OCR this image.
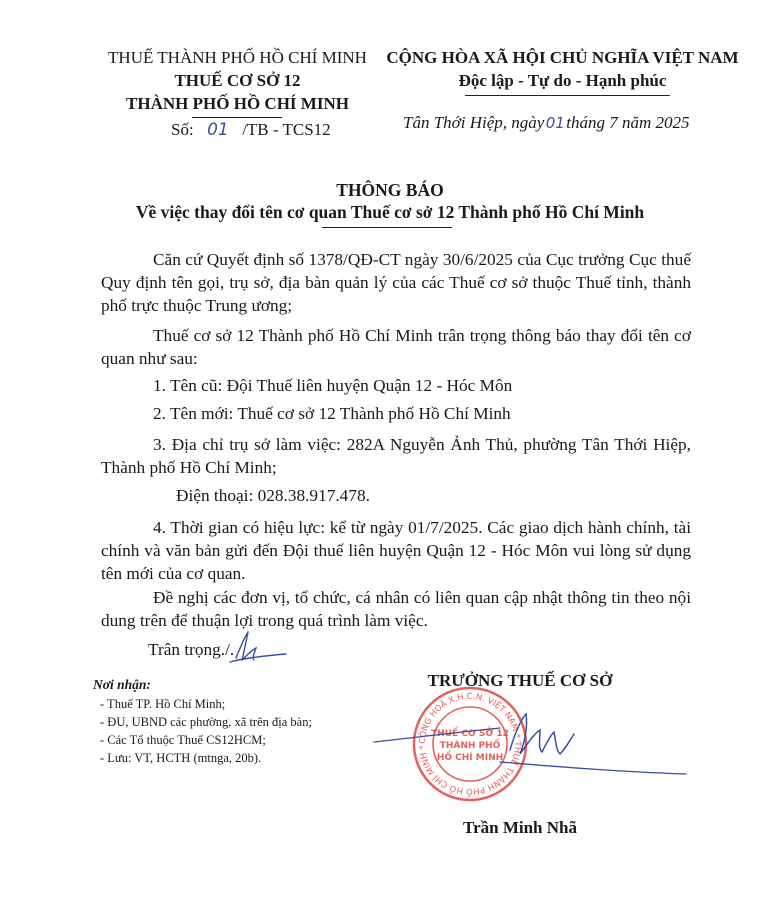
THUẾ THÀNH PHỐ HỒ CHÍ MINH
THUẾ CƠ SỞ 12
THÀNH PHỐ HỒ CHÍ MINH
Số: 01 /TB - TCS12
CỘNG HÒA XÃ HỘI CHỦ NGHĨA VIỆT NAM
Độc lập - Tự do - Hạnh phúc
Tân Thới Hiệp, ngày01tháng 7 năm 2025
THÔNG BÁO
Về việc thay đổi tên cơ quan Thuế cơ sở 12 Thành phố Hồ Chí Minh
Căn cứ Quyết định số 1378/QĐ-CT ngày 30/6/2025 của Cục trưởng Cục thuế Quy định tên gọi, trụ sở, địa bàn quản lý của các Thuế cơ sở thuộc Thuế tỉnh, thành phố trực thuộc Trung ương;
Thuế cơ sở 12 Thành phố Hồ Chí Minh trân trọng thông báo thay đổi tên cơ quan như sau:
1. Tên cũ: Đội Thuế liên huyện Quận 12 - Hóc Môn
2. Tên mới: Thuế cơ sở 12 Thành phố Hồ Chí Minh
3. Địa chỉ trụ sở làm việc: 282A Nguyễn Ảnh Thủ, phường Tân Thới Hiệp, Thành phố Hồ Chí Minh;
Điện thoại: 028.38.917.478.
4. Thời gian có hiệu lực: kể từ ngày 01/7/2025. Các giao dịch hành chính, tài chính và văn bản gửi đến Đội thuế liên huyện Quận 12 - Hóc Môn vui lòng sử dụng tên mới của cơ quan.
Đề nghị các đơn vị, tổ chức, cá nhân có liên quan cập nhật thông tin theo nội dung trên để thuận lợi trong quá trình làm việc.
Trân trọng./.
Nơi nhận:
- Thuế TP. Hồ Chí Minh;
- ĐU, UBND các phường, xã trên địa bàn;
- Các Tổ thuộc Thuế CS12HCM;
- Lưu: VT, HCTH (mtnga, 20b).
TRƯỞNG THUẾ CƠ SỞ
CỘNG HOÀ X.H.C.N. VIỆT NAM * THUẾ THÀNH PHỐ HỒ CHÍ MINH *
THUẾ CƠ SỞ 12
THÀNH PHỐ
HỒ CHÍ MINH
Trần Minh Nhã
